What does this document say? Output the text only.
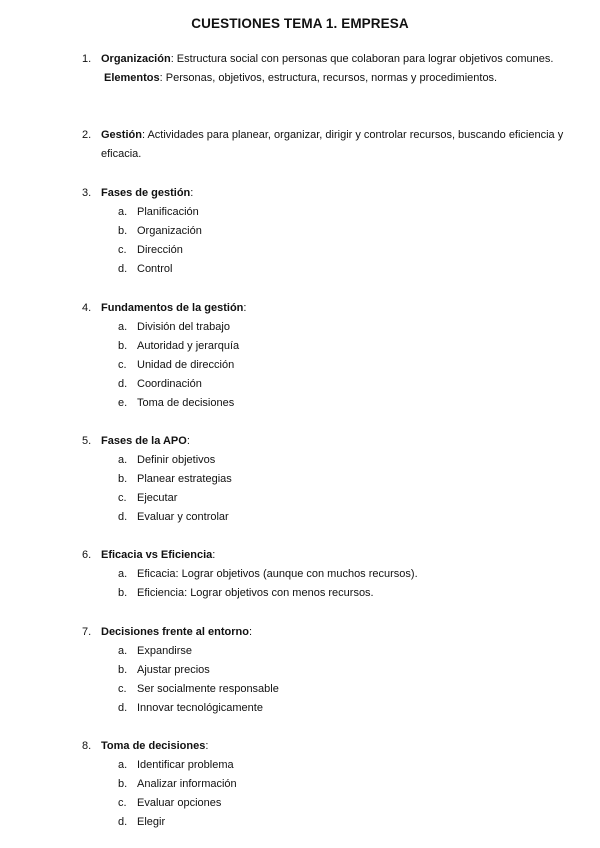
CUESTIONES TEMA 1. EMPRESA
1. Organización: Estructura social con personas que colaboran para lograr objetivos comunes.
Elementos: Personas, objetivos, estructura, recursos, normas y procedimientos.
2. Gestión: Actividades para planear, organizar, dirigir y controlar recursos, buscando eficiencia y eficacia.
3. Fases de gestión:
a. Planificación
b. Organización
c. Dirección
d. Control
4. Fundamentos de la gestión:
a. División del trabajo
b. Autoridad y jerarquía
c. Unidad de dirección
d. Coordinación
e. Toma de decisiones
5. Fases de la APO:
a. Definir objetivos
b. Planear estrategias
c. Ejecutar
d. Evaluar y controlar
6. Eficacia vs Eficiencia:
a. Eficacia: Lograr objetivos (aunque con muchos recursos).
b. Eficiencia: Lograr objetivos con menos recursos.
7. Decisiones frente al entorno:
a. Expandirse
b. Ajustar precios
c. Ser socialmente responsable
d. Innovar tecnológicamente
8. Toma de decisiones:
a. Identificar problema
b. Analizar información
c. Evaluar opciones
d. Elegir
